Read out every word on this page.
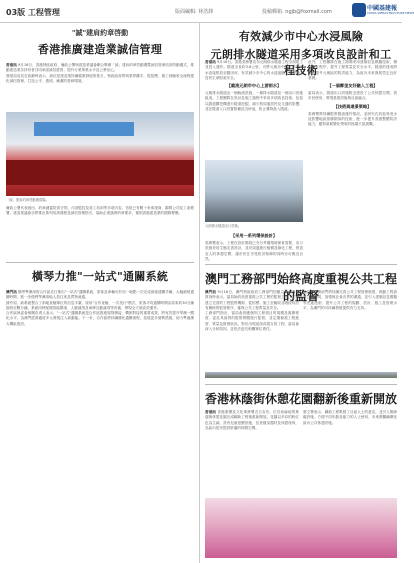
03版 工程管理	版面編輯: 林浩鋒	投稿郵箱: ngjb@foxmail.com	中國基建報
CHINA INFRASTRUCTURE NEWS
"誠"建肩約章啓動
香港推廣建造業誠信管理
香港訊 9月16日，香港特區政府、廉政公署與建造業議會聯合舉辦「誠」建肩約章啓動禮暨誠信管理培訓啓動儀式，推動建造業各持份者共同承諾誠信經營，提升行業專業水平及公衆信心。
發展局局長在致辭時表示，誠信是建造業持續健康發展的基石，特區政府將與業界攜手，從招標、施工到驗收全流程强化誠信管理，打造公平、透明、廉潔的營商環境。
「誠」建肩約章啓動禮現場。
廉政公署代表指出，約章涵蓋防貪守則、內部監控及員工培訓等多項內容，首批已有數十家承建商、顧問公司及工會簽署。建造業議會亦將推出系列培訓課程及誠信管理指引，協助企業落實約章要求，鞏固香港建造業的國際聲譽。
橫琴力推"一站式"通關系統
澳門訊 橫琴粵澳深度合作區近日推出"一站式"通關系統，旅客及車輛可於同一地點一次完成兩地通關手續，大幅縮短通關時間，進一步便利琴澳兩地人員往來及貨物流通。
據介紹，新系統整合了兩地查驗單位的信息平臺，採用"合作查驗、一次放行"模式，旅客平均通關時間由原來約30分鐘縮短至數分鐘。系統同時配備智能閘道、人臉識別及車牌自動識別等設備，實現全天候高效運作。
合作區執委會相關負責人表示，"一站式"通關系統是合作區推進規則銜接、機制對接的重要成果，將有效提升琴澳一體化水平，為澳門經濟適度多元發展注入新動能。下一步，合作區將持續優化通關流程，拓展更多便利措施，助力粵港澳大灣區建設。
有效減少市中心水浸風險
元朗排水隧道采用多項改良設計和工程技術
香港訊 9月16日，香港渠務署宣布元朗排水隧道工程全面竣工並投入運作。隧道全長約3.8公里，可將元朗市中心上游的雨水直接排放至錦田河，有效減少市中心的水浸風險，保障區內居民生命財產安全。
【截流元朗市中心上游雨水】
元朗排水隧道由一個截流設施、一條排水隧道及一個出口設施組成。工程團隊在設計及施工過程中采用多項改良技術，包括以隧道鑽挖機進行隧道挖掘，減少對周邊居民及交通的影響，並在隧道入口設置格柵及沉砂池，防止雜物進入隧道。
元朗排水隧道出口設施。
【采用一系列環保設計】
渠務署表示，工程在設計階段已充分考慮環境保育需要，出口設施采用生態友善設計，並於周邊進行植樹及綠化工程，營造宜人的休憩空間，讓市民在享受防洪保障的同時亦可親近自然。
此外，工程團隊在施工期間采用建築信息模擬技術，優化施工程序，提升工程質量及安全水平。隧道的建成將大大提升元朗區的防洪能力，為區內未來發展奠定良好基礎。
【一個鄰里友好融入工程】
當局表示，隧道出口設施附近建設了公共休憩空間，供市民使用，實現基建設施與社區融合。
【技術與遠景策略】
渠務署將持續監察隧道運作情況，並研究在其他易受水浸影響地區推廣類似的技術，進一步提升香港整體防洪能力，應對氣候變化帶來的極端天氣挑戰。
澳門工務部門始終高度重視公共工程的監督
澳門訊 9月16日，澳門特區政府工務部門回應立法會議員質詢時表示，當局始終高度重視公共工程的監督工作，並已建立完善的工程監察機制，從招標、施工至驗收各階段均設有嚴格的監管程序，確保公共工程質量及安全。
工務部門指出，當局會因應個別工程項目的規模及複雜程度，委託具資質的監察實體進行監督，並定期檢視工程進度、質量及財務狀況。對於出現延誤或超支的工程，當局會深入分析原因，並依法追究相關單位責任。
此外，工務部門將持續完善公共工程管理制度，推動工程資訊公開透明，加強與社會各界的溝通，並引入建築信息模擬等先進技術，提升公共工程的規劃、設計、施工及管理水平，為澳門的可持續發展提供有力支持。
香港林蔭街休憩花園翻新後重新開放
香港訊 香港康樂及文化事務署近日宣布，位於油麻地的林蔭街休憩花園完成翻新工程後重新開放。花園以多彩的粉紅色為主調，設有兒童遊樂設施、長者健身器材及休憩座椅，為區內居民提供舒適的休閒空間。
康文署表示，翻新工程吸納了社區人士的意見，並引入無障礙設施，方便不同年齡及能力的人士使用，未來將繼續優化區內公共休憩設施。
